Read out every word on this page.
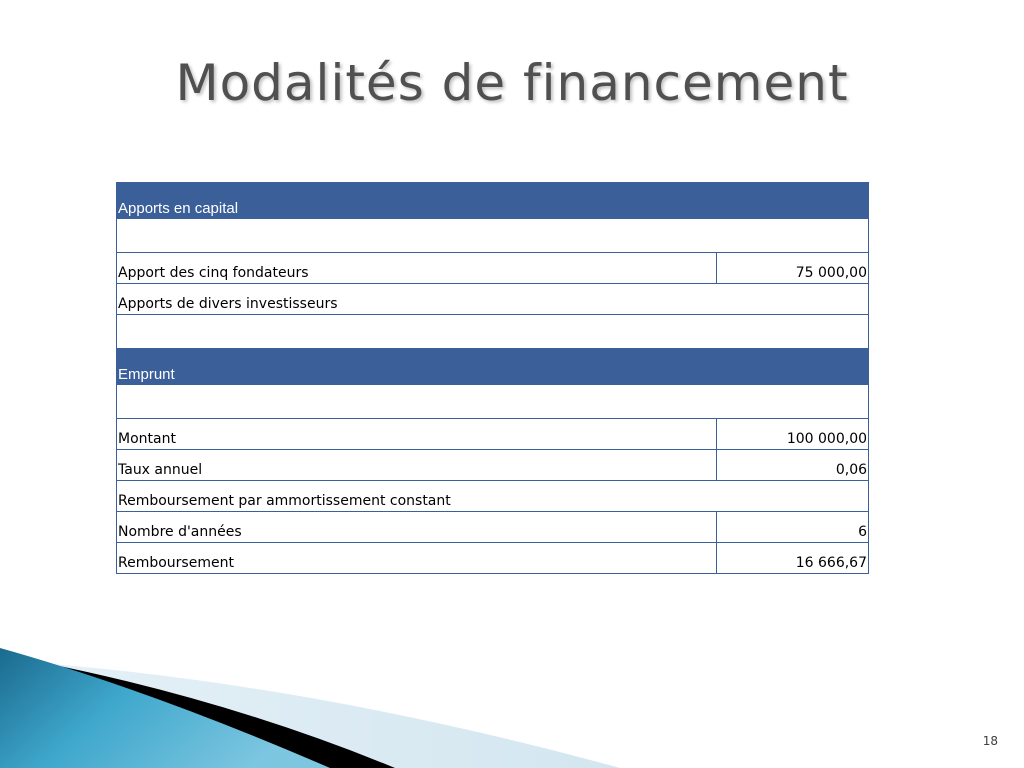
Modalités de financement
Apports en capital	

Apport des cinq fondateurs	75 000,00
Apports de divers investisseurs	

Emprunt	

Montant	100 000,00
Taux annuel	0,06
Remboursement par ammortissement constant	
Nombre d'années	6
Remboursement	16 666,67
18
